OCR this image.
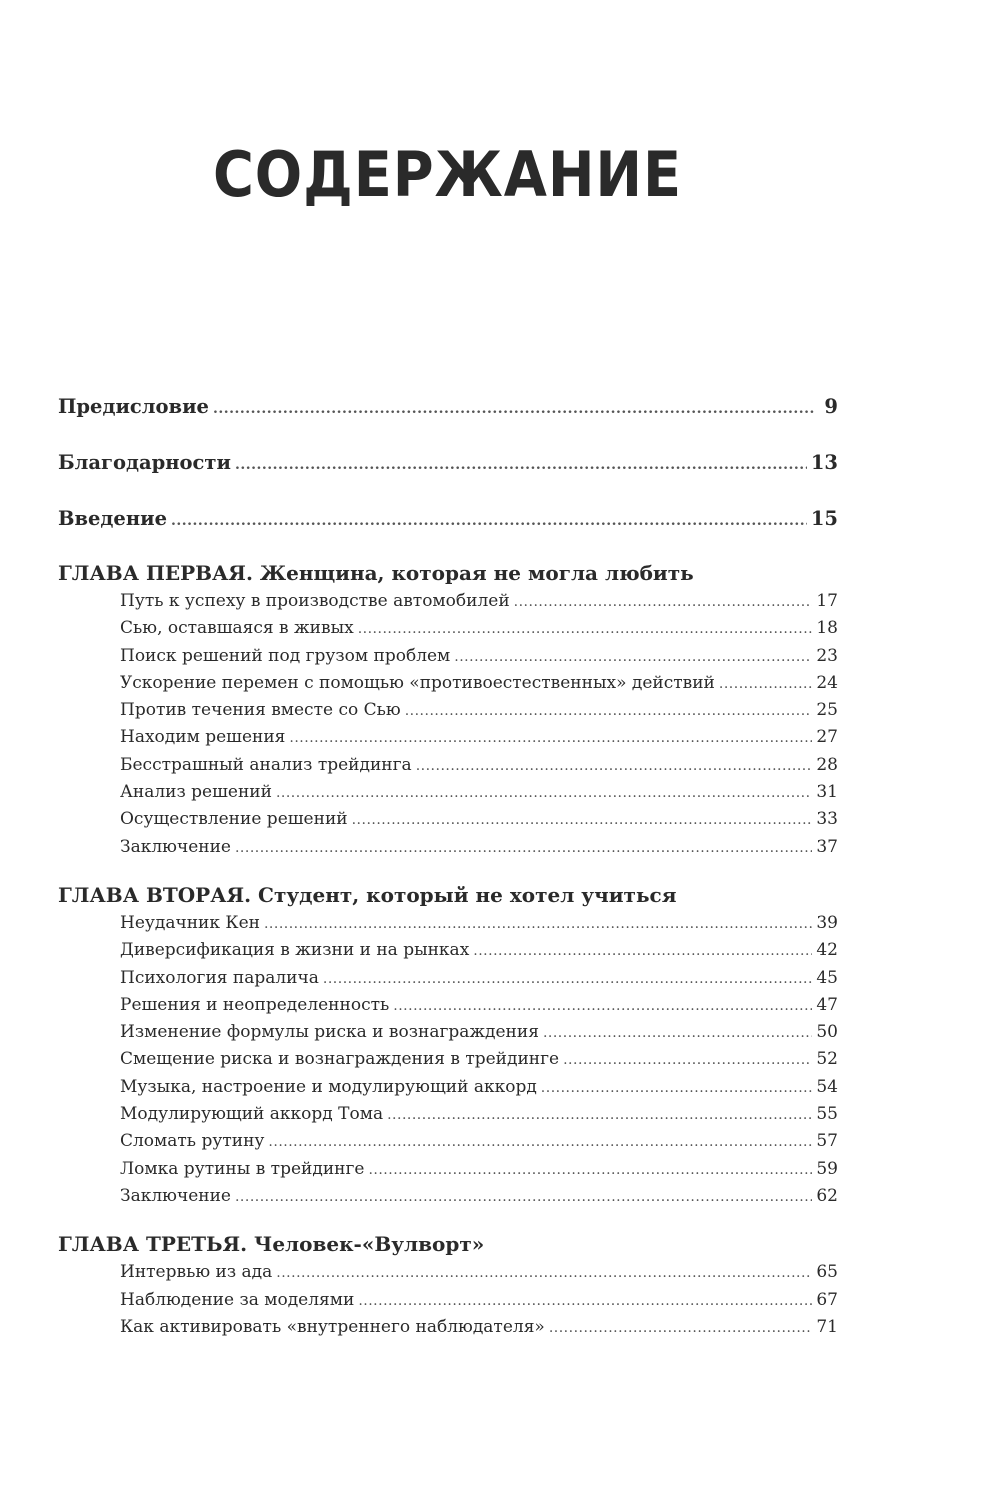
СОДЕРЖАНИЕ
Предисловие .....	9
Благодарности .....	13
Введение .....	15
ГЛАВА ПЕРВАЯ. Женщина, которая не могла любить
Путь к успеху в производстве автомобилей .....	17
Сью, оставшаяся в живых .....	18
Поиск решений под грузом проблем .....	23
Ускорение перемен с помощью «противоестественных» действий .....	24
Против течения вместе со Сью .....	25
Находим решения .....	27
Бесстрашный анализ трейдинга .....	28
Анализ решений .....	31
Осуществление решений .....	33
Заключение .....	37
ГЛАВА ВТОРАЯ. Студент, который не хотел учиться
Неудачник Кен .....	39
Диверсификация в жизни и на рынках .....	42
Психология паралича .....	45
Решения и неопределенность .....	47
Изменение формулы риска и вознаграждения .....	50
Смещение риска и вознаграждения в трейдинге .....	52
Музыка, настроение и модулирующий аккорд .....	54
Модулирующий аккорд Тома .....	55
Сломать рутину .....	57
Ломка рутины в трейдинге .....	59
Заключение .....	62
ГЛАВА ТРЕТЬЯ. Человек-«Вулворт»
Интервью из ада .....	65
Наблюдение за моделями .....	67
Как активировать «внутреннего наблюдателя» .....	71
